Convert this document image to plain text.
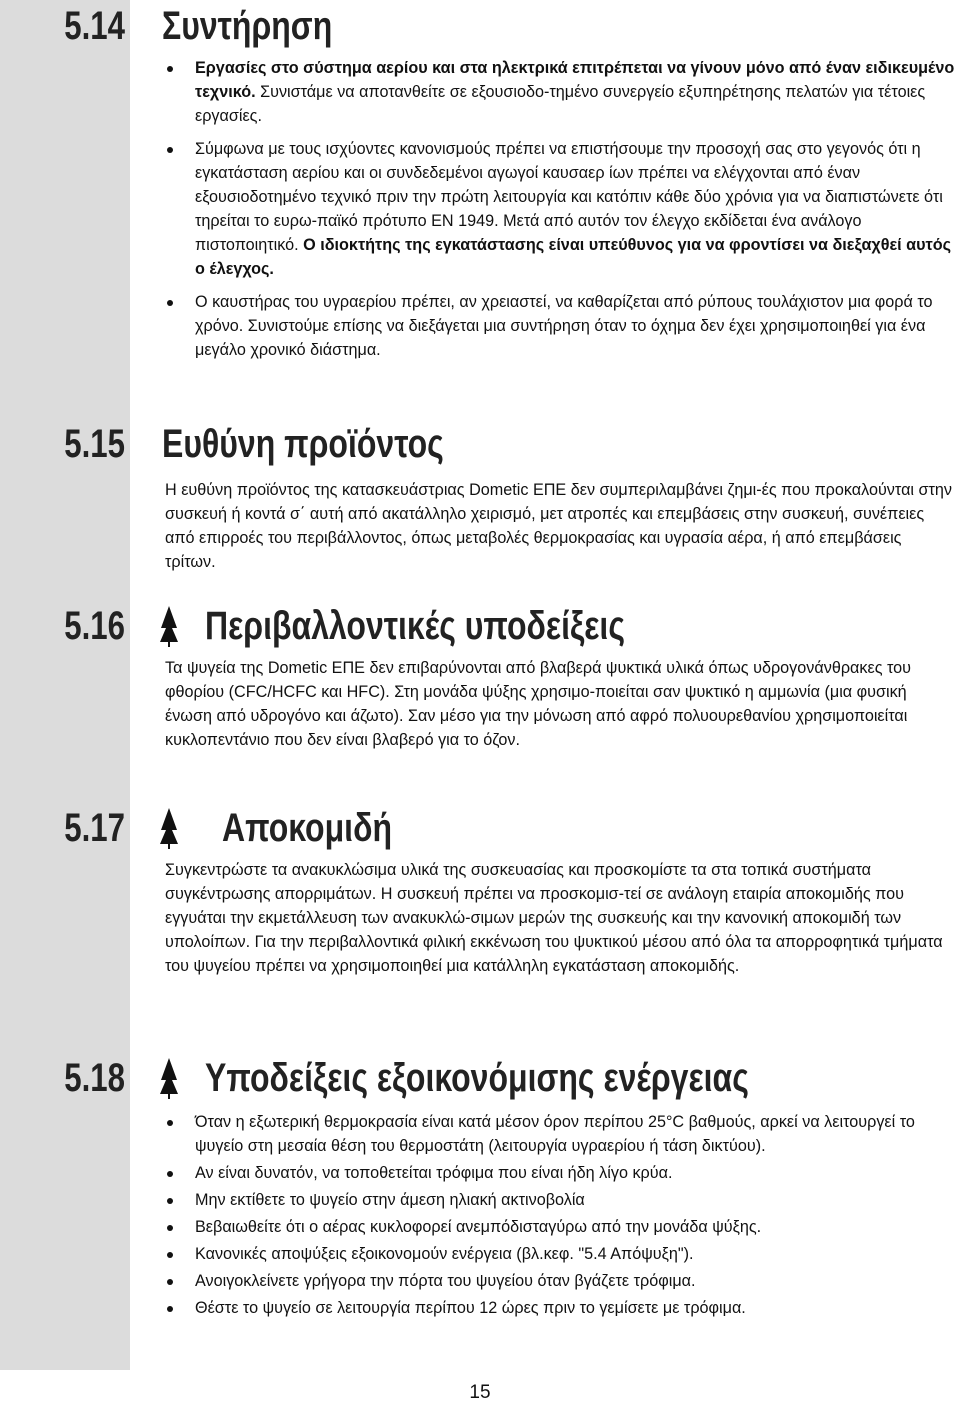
5.14 Συντήρηση
Εργασίες στο σύστημα αερίου και στα ηλεκτρικά επιτρέπεται να γίνουν μόνο από έναν ειδικευμένο τεχνικό. Συνιστάμε να αποτανθείτε σε εξουσιοδο-τημένο συνεργείο εξυπηρέτησης πελατών για τέτοιες εργασίες.
Σύμφωνα με τους ισχύοντες κανονισμούς πρέπει να επιστήσουμε την προσοχή σας στο γεγονός ότι η εγκατάσταση αερίου και οι συνδεδεμένοι αγωγοί καυσαερ ίων πρέπει να ελέγχονται από έναν εξουσιοδοτημένο τεχνικό πριν την πρώτη λειτουργία και κατόπιν κάθε δύο χρόνια για να διαπιστώνετε ότι τηρείται το ευρω-παϊκό πρότυπο EN 1949. Μετά από αυτόν τον έλεγχο εκδίδεται ένα ανάλογο πιστοποιητικό. Ο ιδιοκτήτης της εγκατάστασης είναι υπεύθυνος για να φροντίσει να διεξαχθεί αυτός ο έλεγχος.
Ο καυστήρας του υγραερίου πρέπει, αν χρειαστεί, να καθαρίζεται από ρύπους τουλάχιστον μια φορά το χρόνο. Συνιστούμε επίσης να διεξάγεται μια συντήρηση όταν το όχημα δεν έχει χρησιμοποιηθεί για ένα μεγάλο χρονικό διάστημα.
5.15 Ευθύνη προϊόντος

Η ευθύνη προϊόντος της κατασκευάστριας Dometic ΕΠΕ δεν συμπεριλαμβάνει ζημι-ές που προκαλούνται στην συσκευή ή κοντά σ΄ αυτή από ακατάλληλο χειρισμό, μετ ατροπές και επεμβάσεις στην συσκευή, συνέπειες από επιρροές του περιβάλλοντος, όπως μεταβολές θερμοκρασίας και υγρασία αέρα, ή από επεμβάσεις τρίτων.

5.16 Περιβαλλοντικές υποδείξεις

Τα ψυγεία της Dometic ΕΠΕ δεν επιβαρύνονται από βλαβερά ψυκτικά υλικά όπως υδρογονάνθρακες του φθορίου (CFC/HCFC και HFC). Στη μονάδα ψύξης χρησιμο-ποιείται σαν ψυκτικό η αμμωνία (μια φυσική ένωση από υδρογόνο και άζωτο). Σαν μέσο για την μόνωση από αφρό πολυουρεθανίου χρησιμοποιείται κυκλοπεντάνιο που δεν είναι βλαβερό για το όζον.

5.17 Αποκομιδή

Συγκεντρώστε τα ανακυκλώσιμα υλικά της συσκευασίας και προσκομίστε τα στα τοπικά συστήματα συγκέντρωσης απορριμάτων. Η συσκευή πρέπει να προσκομισ-τεί σε ανάλογη εταιρία αποκομιδής που εγγυάται την εκμετάλλευση των ανακυκλώ-σιμων μερών της συσκευής και την κανονική αποκομιδή των υπολοίπων. Για την περιβαλλοντικά φιλική εκκένωση του ψυκτικού μέσου από όλα τα απορροφητικά τμήματα του ψυγείου πρέπει να χρησιμοποιηθεί μια κατάλληλη εγκατάσταση αποκομιδής.

5.18 Υποδείξεις εξοικονόμισης ενέργειας
Όταν η εξωτερική θερμοκρασία είναι κατά μέσον όρον περίπου 25°C βαθμούς, αρκεί να λειτουργεί το ψυγείο στη μεσαία θέση του θερμοστάτη (λειτουργία υγραερίου ή τάση δικτύου).
Αν είναι δυνατόν, να τοποθετείται τρόφιμα που είναι ήδη λίγο κρύα.
Μην εκτίθετε το ψυγείο στην άμεση ηλιακή ακτινοβολία
Βεβαιωθείτε ότι ο αέρας κυκλοφορεί ανεμπόδισταγύρω από την μονάδα ψύξης.
Κανονικές αποψύξεις εξοικονομούν ενέργεια (βλ.κεφ. "5.4 Απόψυξη").
Ανοιγοκλείνετε γρήγορα την πόρτα του ψυγείου όταν βγάζετε τρόφιμα.
Θέστε το ψυγείο σε λειτουργία περίπου 12 ώρες πριν το γεμίσετε με τρόφιμα.
15
